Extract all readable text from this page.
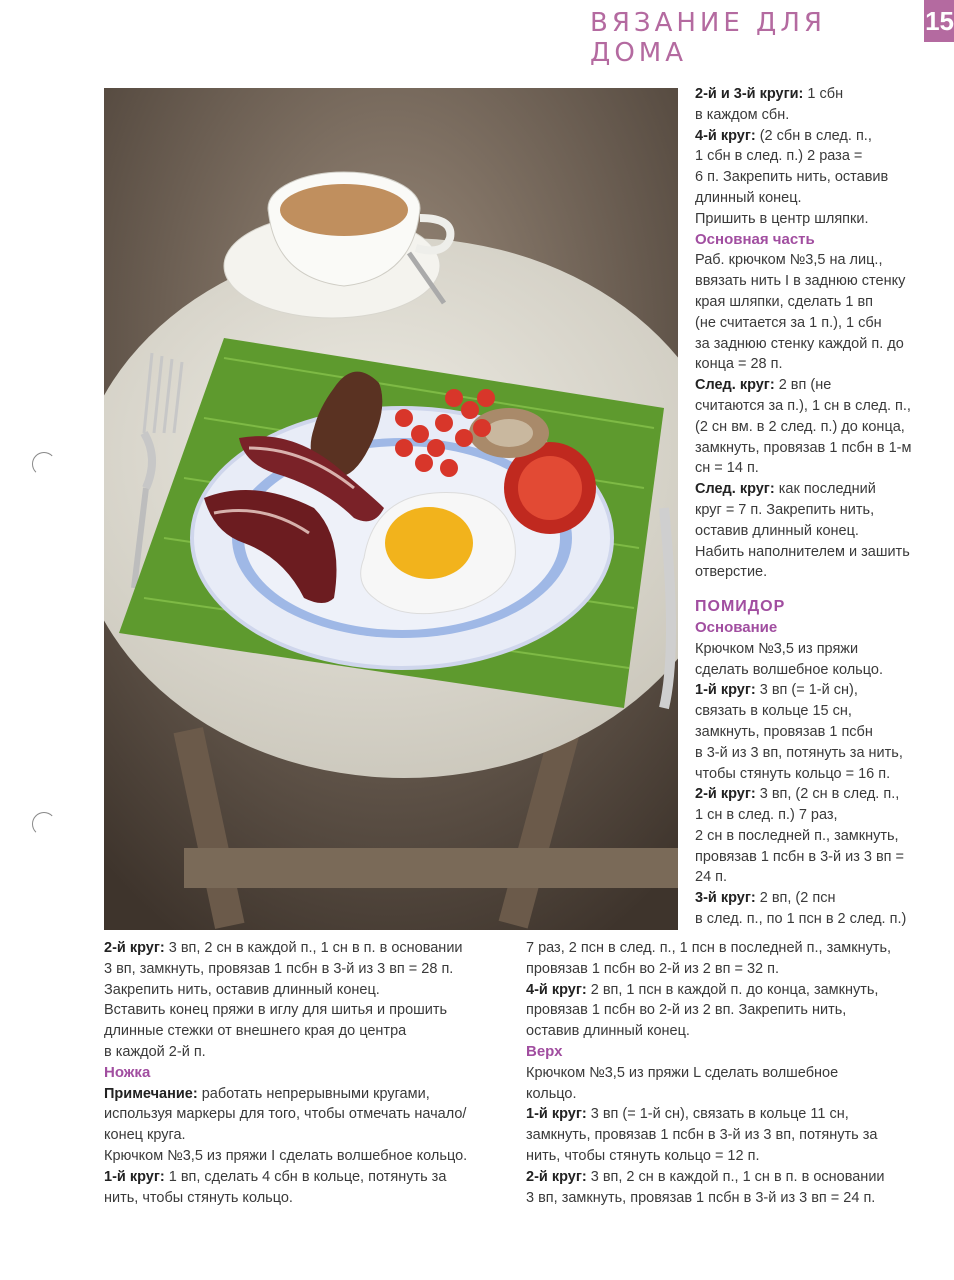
ВЯЗАНИЕ ДЛЯ ДОМА
15

2-й и 3-й круги: 1 сбн

в каждом сбн.

4-й круг: (2 сбн в след. п.,

1 сбн в след. п.) 2 раза =

6 п. Закрепить нить, оставив

длинный конец.

Пришить в центр шляпки.

Основная часть

Раб. крючком №3,5 на лиц.,

ввязать нить I в заднюю стенку

края шляпки, сделать 1 вп

(не считается за 1 п.), 1 сбн

за заднюю стенку каждой п. до

конца = 28 п.

След. круг: 2 вп (не

считаются за п.), 1 сн в след. п.,

(2 сн вм. в 2 след. п.) до конца,

замкнуть, провязав 1 псбн в 1-м

сн = 14 п.

След. круг: как последний

круг = 7 п. Закрепить нить,

оставив длинный конец.

Набить наполнителем и зашить

отверстие.

ПОМИДОР

Основание

Крючком №3,5 из пряжи

сделать волшебное кольцо.

1-й круг: 3 вп (= 1-й сн),

связать в кольце 15 сн,

замкнуть, провязав 1 псбн

в 3-й из 3 вп, потянуть за нить,

чтобы стянуть кольцо = 16 п.

2-й круг: 3 вп, (2 сн в след. п.,

1 сн в след. п.) 7 раз,

2 сн в последней п., замкнуть,

провязав 1 псбн в 3-й из 3 вп =

24 п.

3-й круг: 2 вп, (2 псн

в след. п., по 1 псн в 2 след. п.)

2-й круг: 3 вп, 2 сн в каждой п., 1 сн в п. в основании

3 вп, замкнуть, провязав 1 псбн в 3-й из 3 вп = 28 п.

Закрепить нить, оставив длинный конец.

Вставить конец пряжи в иглу для шитья и прошить

длинные стежки от внешнего края до центра

в каждой 2-й п.

Ножка

Примечание: работать непрерывными кругами,

используя маркеры для того, чтобы отмечать начало/

конец круга.

Крючком №3,5 из пряжи I сделать волшебное кольцо.

1-й круг: 1 вп, сделать 4 сбн в кольце, потянуть за

нить, чтобы стянуть кольцо.

7 раз, 2 псн в след. п., 1 псн в последней п., замкнуть,

провязав 1 псбн во 2-й из 2 вп = 32 п.

4-й круг: 2 вп, 1 псн в каждой п. до конца, замкнуть,

провязав 1 псбн во 2-й из 2 вп. Закрепить нить,

оставив длинный конец.

Верх

Крючком №3,5 из пряжи L сделать волшебное

кольцо.

1-й круг: 3 вп (= 1-й сн), связать в кольце 11 сн,

замкнуть, провязав 1 псбн в 3-й из 3 вп, потянуть за

нить, чтобы стянуть кольцо = 12 п.

2-й круг: 3 вп, 2 сн в каждой п., 1 сн в п. в основании

3 вп, замкнуть, провязав 1 псбн в 3-й из 3 вп = 24 п.
